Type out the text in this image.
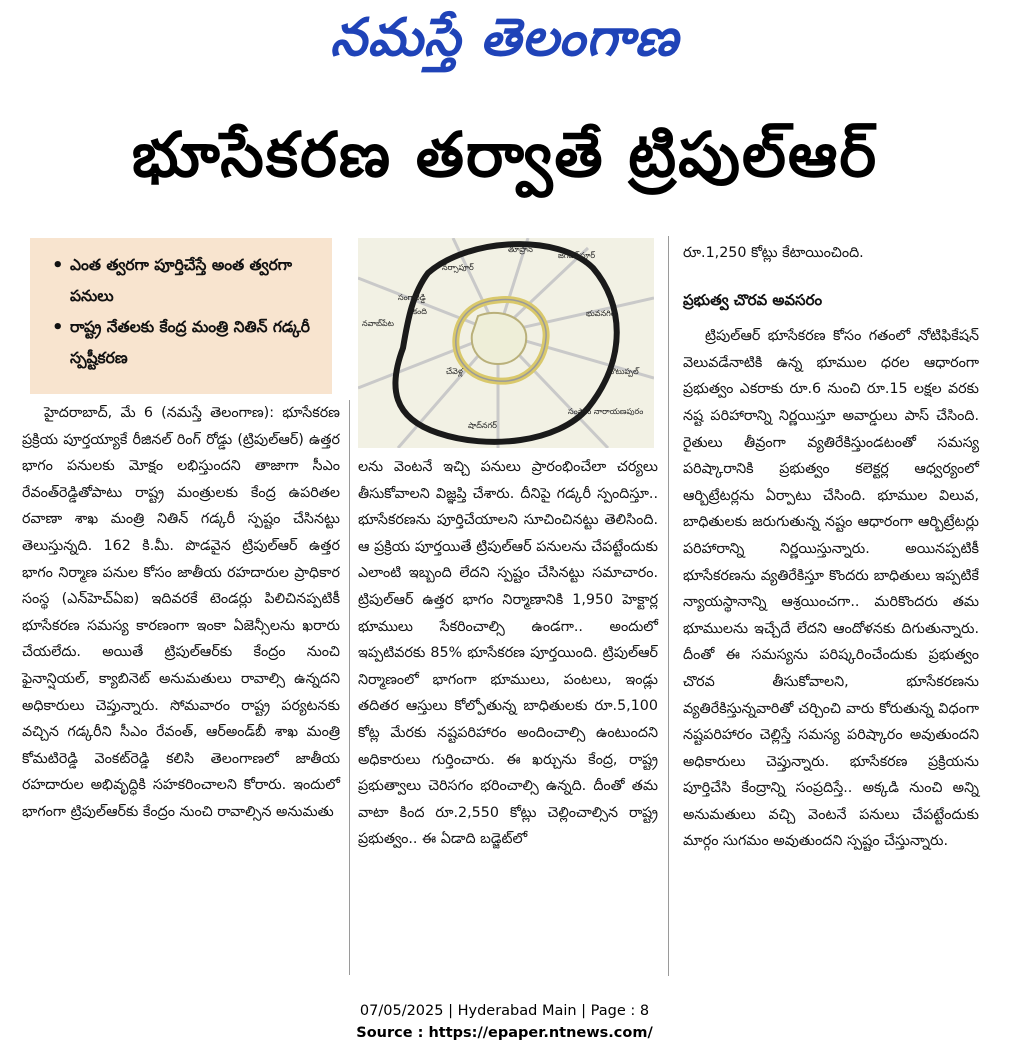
నమస్తే తెలంగాణ
భూసేకరణ తర్వాతే ట్రిపుల్‌ఆర్‌
• ఎంత త్వరగా పూర్తిచేస్తే అంత త్వరగా పనులు
• రాష్ట్ర నేతలకు కేంద్ర మంత్రి నితిన్‌ గడ్కరీ స్పష్టీకరణ
తూప్రాన్‌
జగదేవ్‌పూర్‌
నర్సాపూర్‌
సంగారెడ్డి
కంది	భువనగిరి
నవాబ్‌పేట
చేవెళ్ల	చౌటుప్పల్‌
షాద్‌నగర్‌
సంస్థాన్‌ నారాయణపురం

హైదరాబాద్‌, మే 6 (నమస్తే తెలంగాణ): భూసేకరణ ప్రక్రియ పూర్తయ్యాకే రీజినల్‌ రింగ్‌ రోడ్డు (ట్రిపుల్‌ఆర్‌) ఉత్తర భాగం పనులకు మోక్షం లభిస్తుందని తాజాగా సీఎం రేవంత్‌రెడ్డితోపాటు రాష్ట్ర మంత్రులకు కేంద్ర ఉపరితల రవాణా శాఖ మంత్రి నితిన్‌ గడ్కరీ స్పష్టం చేసినట్టు తెలుస్తున్నది. 162 కి.మీ. పొడవైన ట్రిపుల్‌ఆర్‌ ఉత్తర భాగం నిర్మాణ పనుల కోసం జాతీయ రహదారుల ప్రాధికార సంస్థ (ఎన్‌హెచ్‌ఏఐ) ఇదివరకే టెండర్లు పిలిచినప్పటికీ భూసేకరణ సమస్య కారణంగా ఇంకా ఏజెన్సీలను ఖరారు చేయలేదు. అయితే ట్రిపుల్‌ఆర్‌కు కేంద్రం నుంచి ఫైనాన్షియల్‌, క్యాబినెట్‌ అనుమతులు రావాల్సి ఉన్నదని అధికారులు చెప్తున్నారు. సోమవారం రాష్ట్ర పర్యటనకు వచ్చిన గడ్కరీని సీఎం రేవంత్‌, ఆర్‌అండ్‌బీ శాఖ మంత్రి కోమటిరెడ్డి వెంకట్‌రెడ్డి కలిసి తెలంగాణలో జాతీయ రహదారుల అభివృద్ధికి సహకరించాలని కోరారు. ఇందులో భాగంగా ట్రిపుల్‌ఆర్‌కు కేంద్రం నుంచి రావాల్సిన అనుమతు

లను వెంటనే ఇచ్చి పనులు ప్రారంభించేలా చర్యలు తీసుకోవాలని విజ్ఞప్తి చేశారు. దీనిపై గడ్కరీ స్పందిస్తూ.. భూసేకరణను పూర్తిచేయాలని సూచించినట్టు తెలిసింది. ఆ ప్రక్రియ పూర్తయితే ట్రిపుల్‌ఆర్‌ పనులను చేపట్టేందుకు ఎలాంటి ఇబ్బంది లేదని స్పష్టం చేసినట్టు సమాచారం. ట్రిపుల్‌ఆర్‌ ఉత్తర భాగం నిర్మాణానికి 1,950 హెక్టార్ల భూములు సేకరించాల్సి ఉండగా.. అందులో ఇప్పటివరకు 85% భూసేకరణ పూర్తయింది. ట్రిపుల్‌ఆర్‌ నిర్మాణంలో భాగంగా భూములు, పంటలు, ఇండ్లు తదితర ఆస్తులు కోల్పోతున్న బాధితులకు రూ.5,100 కోట్ల మేరకు నష్టపరిహారం అందించాల్సి ఉంటుందని అధికారులు గుర్తించారు. ఈ ఖర్చును కేంద్ర, రాష్ట్ర ప్రభుత్వాలు చెరిసగం భరించాల్సి ఉన్నది. దీంతో తమ వాటా కింద రూ.2,550 కోట్లు చెల్లించాల్సిన రాష్ట్ర ప్రభుత్వం.. ఈ ఏడాది బడ్జెట్‌లో

రూ.1,250 కోట్లు కేటాయించింది.

ప్రభుత్వ చొరవ అవసరం

ట్రిపుల్‌ఆర్‌ భూసేకరణ కోసం గతంలో నోటిఫికేషన్‌ వెలువడేనాటికి ఉన్న భూముల ధరల ఆధారంగా ప్రభుత్వం ఎకరాకు రూ.6 నుంచి రూ.15 లక్షల వరకు నష్ట పరిహారాన్ని నిర్ణయిస్తూ అవార్డులు పాస్‌ చేసింది. రైతులు తీవ్రంగా వ్యతిరేకిస్తుండటంతో సమస్య పరిష్కారానికి ప్రభుత్వం కలెక్టర్ల ఆధ్వర్యంలో ఆర్బిట్రేటర్లను ఏర్పాటు చేసింది. భూముల విలువ, బాధితులకు జరుగుతున్న నష్టం ఆధారంగా ఆర్బిట్రేటర్లు పరిహారాన్ని నిర్ణయిస్తున్నారు. అయినప్పటికీ భూసేకరణను వ్యతిరేకిస్తూ కొందరు బాధితులు ఇప్పటికే న్యాయస్థానాన్ని ఆశ్రయించగా.. మరికొందరు తమ భూములను ఇచ్చేదే లేదని ఆందోళనకు దిగుతున్నారు. దీంతో ఈ సమస్యను పరిష్కరించేందుకు ప్రభుత్వం చొరవ తీసుకోవాలని, భూసేకరణను వ్యతిరేకిస్తున్నవారితో చర్చించి వారు కోరుతున్న విధంగా నష్టపరిహారం చెల్లిస్తే సమస్య పరిష్కారం అవుతుందని అధికారులు చెప్తున్నారు. భూసేకరణ ప్రక్రియను పూర్తిచేసి కేంద్రాన్ని సంప్రదిస్తే.. అక్కడి నుంచి అన్ని అనుమతులు వచ్చి వెంటనే పనులు చేపట్టేందుకు మార్గం సుగమం అవుతుందని స్పష్టం చేస్తున్నారు.

07/05/2025 | Hyderabad Main | Page : 8
Source : https://epaper.ntnews.com/
